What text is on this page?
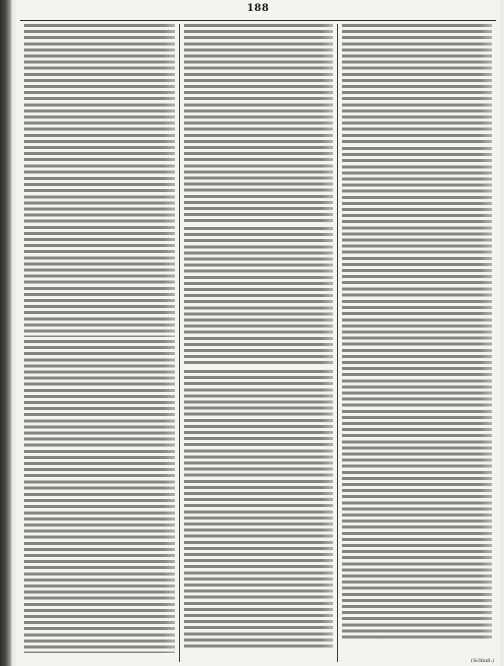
188

(Schluß.)
